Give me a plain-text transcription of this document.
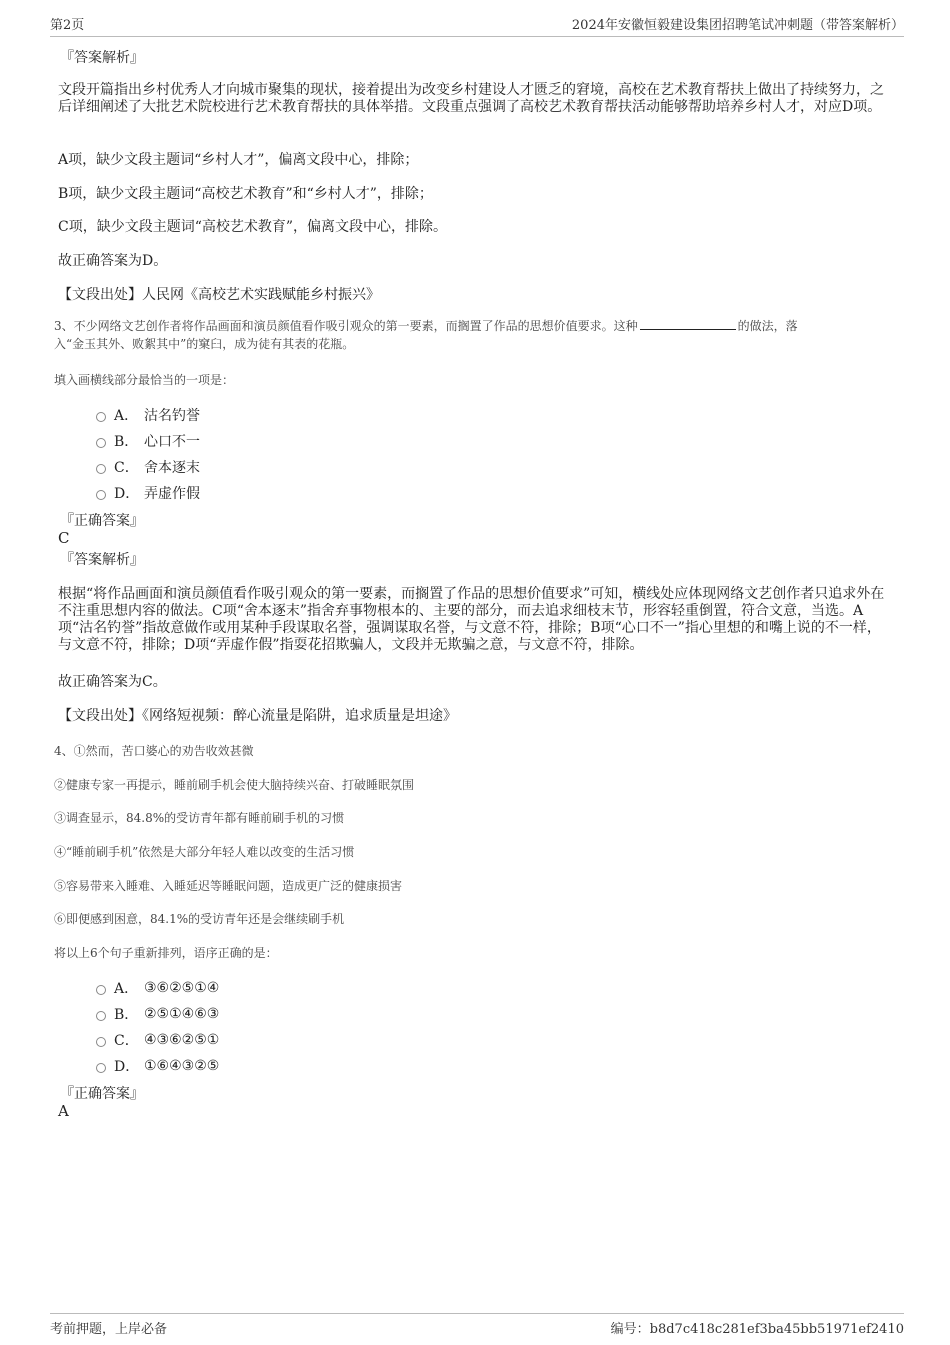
第2页	2024年安徽恒毅建设集团招聘笔试冲刺题（带答案解析）

『答案解析』

文段开篇指出乡村优秀人才向城市聚集的现状，接着提出为改变乡村建设人才匮乏的窘境，高校在艺术教育帮扶上做出了持续努力，之后详细阐述了大批艺术院校进行艺术教育帮扶的具体举措。文段重点强调了高校艺术教育帮扶活动能够帮助培养乡村人才，对应D项。

A项，缺少文段主题词“乡村人才”，偏离文段中心，排除；

B项，缺少文段主题词“高校艺术教育”和“乡村人才”，排除；

C项，缺少文段主题词“高校艺术教育”，偏离文段中心，排除。

故正确答案为D。

【文段出处】人民网《高校艺术实践赋能乡村振兴》

3、不少网络文艺创作者将作品画面和演员颜值看作吸引观众的第一要素，而搁置了作品的思想价值要求。这种	的做法，落
入“金玉其外、败絮其中”的窠臼，成为徒有其表的花瓶。

填入画横线部分最恰当的一项是：

A． 沽名钓誉
B． 心口不一
C． 舍本逐末
D． 弄虚作假

『正确答案』

C

『答案解析』

根据“将作品画面和演员颜值看作吸引观众的第一要素，而搁置了作品的思想价值要求”可知，横线处应体现网络文艺创作者只追求外在不注重思想内容的做法。C项“舍本逐末”指舍弃事物根本的、主要的部分，而去追求细枝末节，形容轻重倒置，符合文意，当选。A项“沽名钓誉”指故意做作或用某种手段谋取名誉，强调谋取名誉，与文意不符，排除；B项“心口不一”指心里想的和嘴上说的不一样，与文意不符，排除；D项“弄虚作假”指耍花招欺骗人，文段并无欺骗之意，与文意不符，排除。

故正确答案为C。

【文段出处】《网络短视频：醉心流量是陷阱，追求质量是坦途》

4、①然而，苦口婆心的劝告收效甚微

②健康专家一再提示，睡前刷手机会使大脑持续兴奋、打破睡眠氛围

③调查显示，84.8%的受访青年都有睡前刷手机的习惯

④“睡前刷手机”依然是大部分年轻人难以改变的生活习惯

⑤容易带来入睡难、入睡延迟等睡眠问题，造成更广泛的健康损害

⑥即便感到困意，84.1%的受访青年还是会继续刷手机

将以上6个句子重新排列，语序正确的是：

A． ③⑥②⑤①④
B． ②⑤①④⑥③
C． ④③⑥②⑤①
D． ①⑥④③②⑤

『正确答案』

A

考前押题，上岸必备	编号：b8d7c418c281ef3ba45bb51971ef2410
